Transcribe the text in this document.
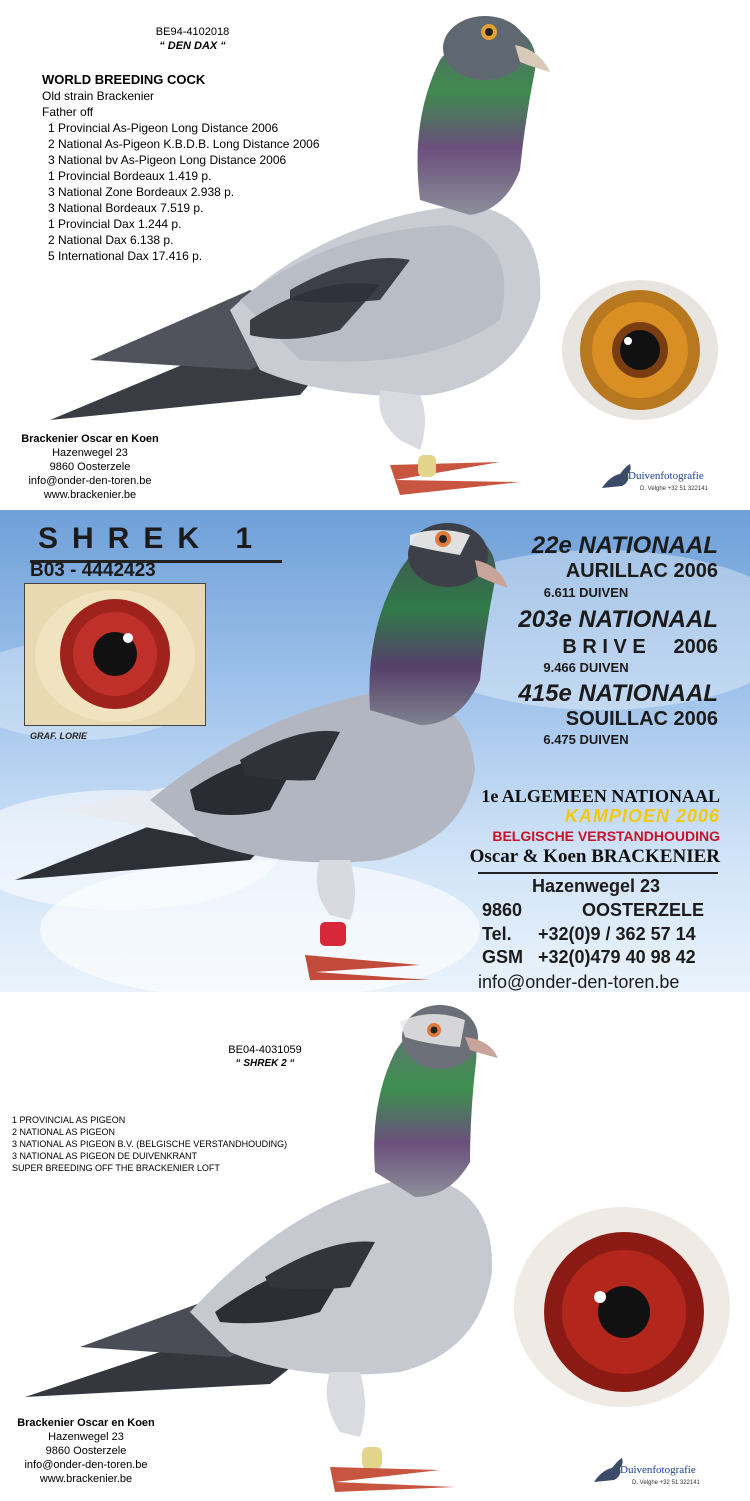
BE94-4102018
“ DEN DAX “
WORLD BREEDING COCK
Old strain Brackenier
Father off
1 Provincial As-Pigeon Long Distance 2006
2 National As-Pigeon K.B.D.B. Long Distance 2006
3 National bv As-Pigeon Long Distance 2006
1 Provincial Bordeaux 1.419 p.
3 National Zone Bordeaux 2.938 p.
3 National Bordeaux 7.519 p.
1 Provincial Dax 1.244 p.
2 National Dax 6.138 p.
5 International Dax 17.416 p.
Brackenier Oscar en Koen
Hazenwegel 23
9860 Oosterzele
info@onder-den-toren.be
www.brackenier.be
Duivenfotografie
D. Velghe +32 51 322141
SHREK 1
B03 - 4442423
GRAF. LORIE
22e NATIONAAL
AURILLAC 2006
6.611 DUIVEN
203e NATIONAAL
B R I V E     2006
9.466 DUIVEN
415e NATIONAAL
SOUILLAC 2006
6.475 DUIVEN
1e ALGEMEEN NATIONAAL
KAMPIOEN 2006
BELGISCHE VERSTANDHOUDING
Oscar & Koen BRACKENIER
Hazenwegel 23
9860	OOSTERZELE
Tel. +32(0)9 / 362 57 14
GSM +32(0)479 40 98 42
info@onder-den-toren.be
BE04-4031059
“ SHREK 2 “
1 PROVINCIAL AS PIGEON
2 NATIONAL AS PIGEON
3 NATIONAL AS PIGEON B.V. (BELGISCHE VERSTANDHOUDING)
3 NATIONAL AS PIGEON DE DUIVENKRANT
SUPER BREEDING OFF THE BRACKENIER LOFT
Brackenier Oscar en Koen
Hazenwegel 23
9860 Oosterzele
info@onder-den-toren.be
www.brackenier.be
Duivenfotografie
D. Velghe +32 51 322141
